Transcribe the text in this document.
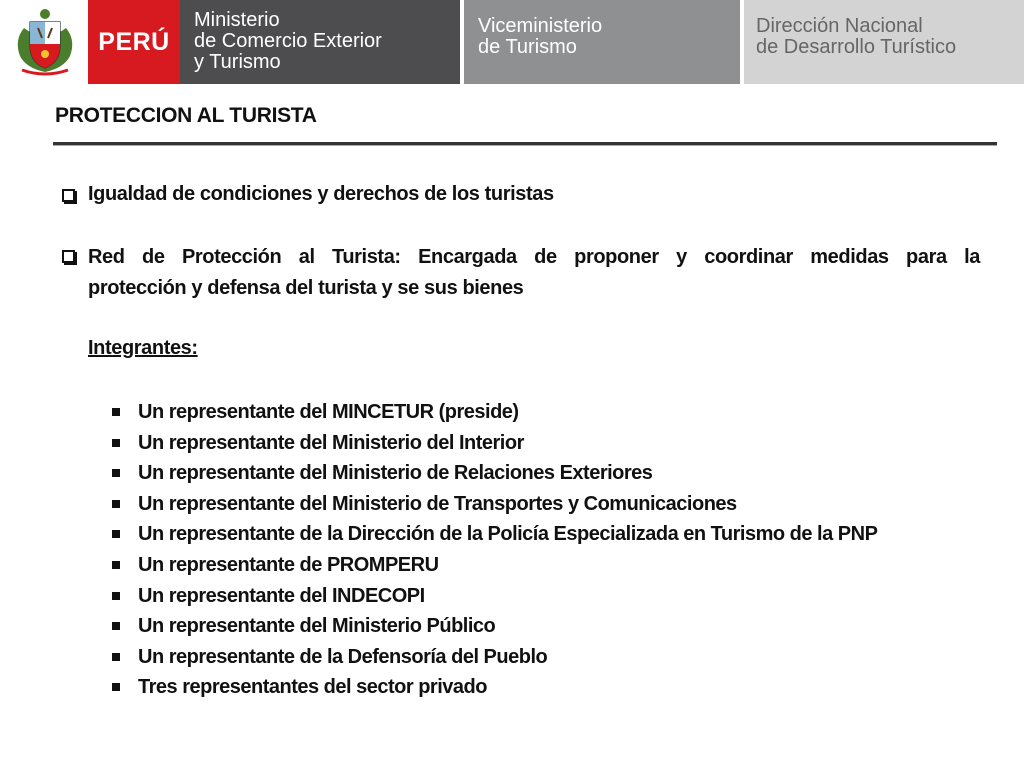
PERÚ
Ministerio
de Comercio Exterior
y Turismo
Viceministerio
de Turismo
Dirección Nacional
de Desarrollo Turístico
PROTECCION AL TURISTA
Igualdad de condiciones y derechos de los turistas
Red de Protección al Turista: Encargada de proponer y coordinar medidas para la
protección y defensa del turista y se sus bienes
Integrantes:
Un representante del MINCETUR (preside)
Un representante del Ministerio del Interior
Un representante del Ministerio de Relaciones Exteriores
Un representante del Ministerio de Transportes y Comunicaciones
Un representante de la Dirección de la Policía Especializada en Turismo de la PNP
Un representante de PROMPERU
Un representante del INDECOPI
Un representante del Ministerio Público
Un representante de la Defensoría del Pueblo
Tres representantes del sector privado
